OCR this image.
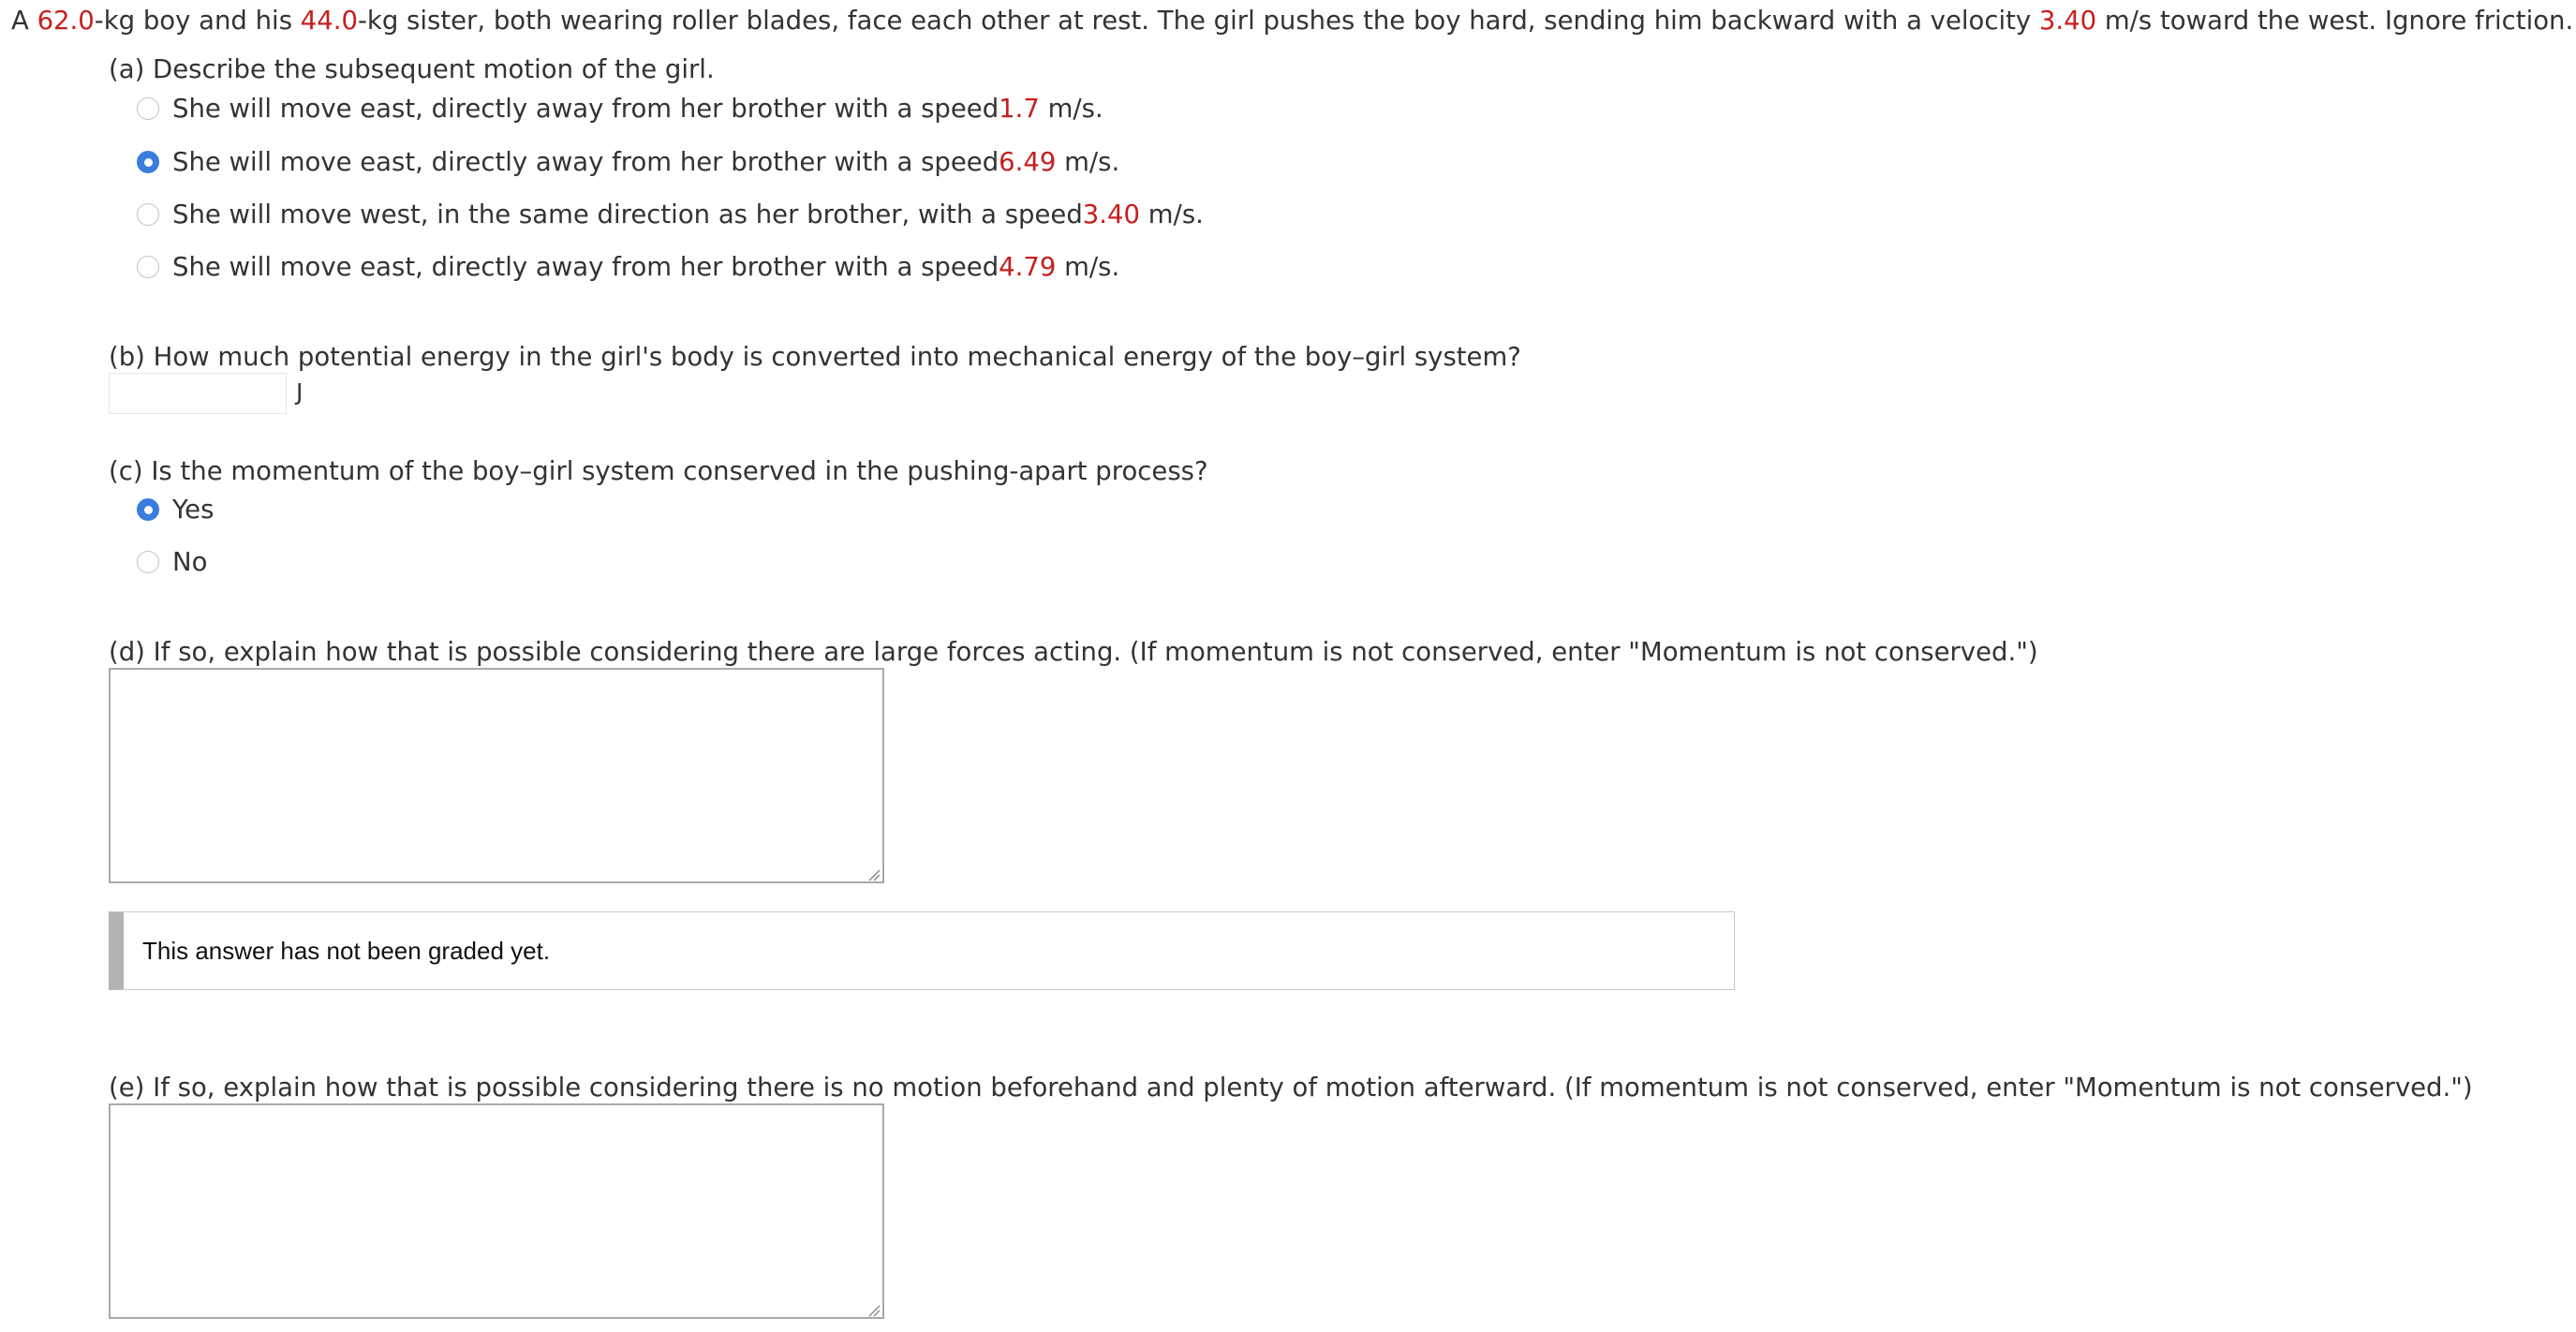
A 62.0-kg boy and his 44.0-kg sister, both wearing roller blades, face each other at rest. The girl pushes the boy hard, sending him backward with a velocity 3.40 m/s toward the west. Ignore friction.
(a) Describe the subsequent motion of the girl.
She will move east, directly away from her brother with a speed 1.7 m/s.
She will move east, directly away from her brother with a speed 6.49 m/s.
She will move west, in the same direction as her brother, with a speed 3.40 m/s.
She will move east, directly away from her brother with a speed 4.79 m/s.
(b) How much potential energy in the girl's body is converted into mechanical energy of the boy–girl system?
J
(c) Is the momentum of the boy–girl system conserved in the pushing-apart process?
Yes
No
(d) If so, explain how that is possible considering there are large forces acting. (If momentum is not conserved, enter "Momentum is not conserved.")
This answer has not been graded yet.
(e) If so, explain how that is possible considering there is no motion beforehand and plenty of motion afterward. (If momentum is not conserved, enter "Momentum is not conserved.")
